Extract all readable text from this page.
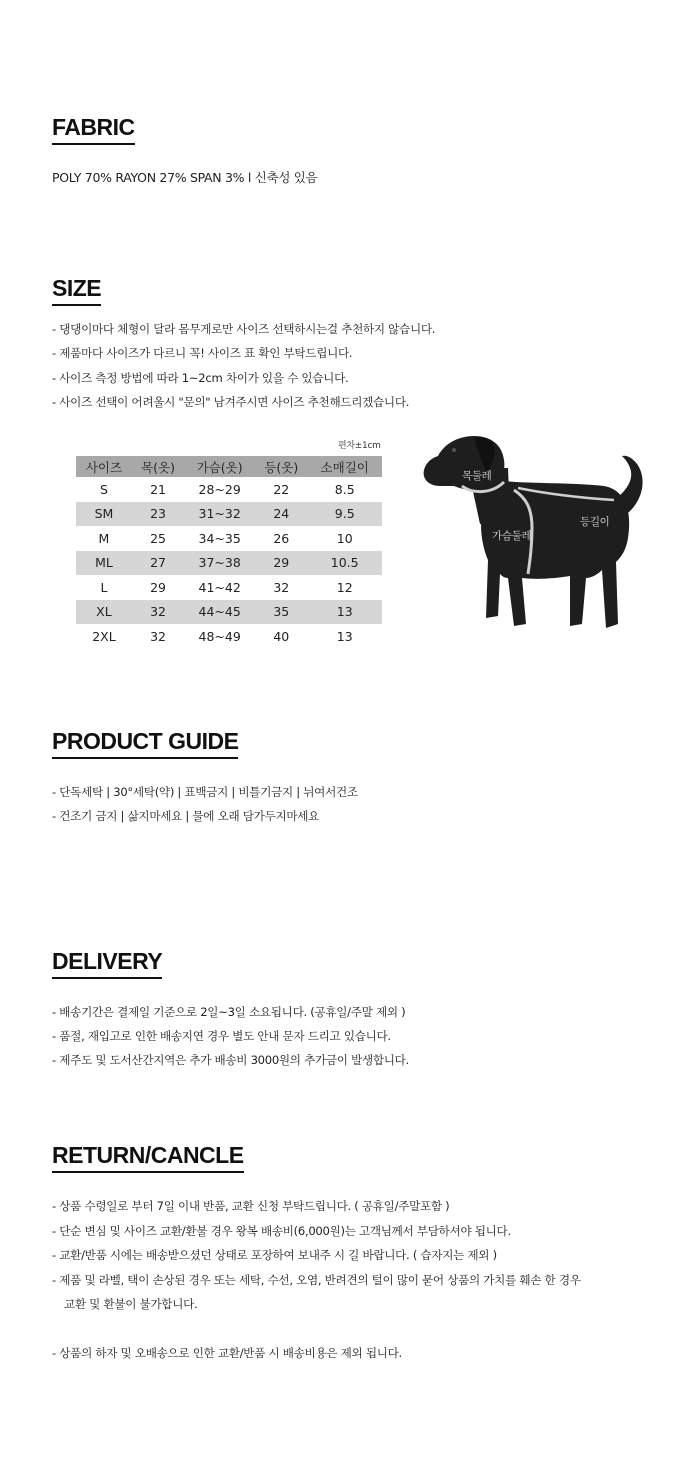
FABRIC

POLY 70% RAYON 27% SPAN 3% l 신축성 있음

SIZE

- 댕댕이마다 체형이 달라 몸무게로만 사이즈 선택하시는걸 추천하지 않습니다.

- 제품마다 사이즈가 다르니 꼭! 사이즈 표 확인 부탁드립니다.

- 사이즈 측정 방법에 따라 1~2cm 차이가 있을 수 있습니다.

- 사이즈 선택이 어려울시 "문의" 남겨주시면 사이즈 추천해드리겠습니다.

편차±1cm
사이즈	목(옷)	가슴(옷)	등(옷)	소매길이
S	21	28~29	22	8.5
SM	23	31~32	24	9.5
M	25	34~35	26	10
ML	27	37~38	29	10.5
L	29	41~42	32	12
XL	32	44~45	35	13
2XL	32	48~49	40	13
목둘레
가슴둘레
등길이
PRODUCT GUIDE

- 단독세탁 | 30°세탁(약) | 표백금지 | 비틀기금지 | 뉘여서건조

- 건조기 금지 | 삶지마세요 | 물에 오래 담가두지마세요

DELIVERY

- 배송기간은 결제일 기준으로 2일~3일 소요됩니다. (공휴일/주말 제외 )

- 품절, 재입고로 인한 배송지연 경우 별도 안내 문자 드리고 있습니다.

- 제주도 및 도서산간지역은 추가 배송비 3000원의 추가금이 발생합니다.

RETURN/CANCLE

- 상품 수령일로 부터 7일 이내 반품, 교환 신청 부탁드립니다. ( 공휴일/주말포함 )

- 단순 변심 및 사이즈 교환/환불 경우 왕복 배송비(6,000원)는 고객님께서 부담하셔야 됩니다.

- 교환/반품 시에는 배송받으셨던 상태로 포장하여 보내주 시 길 바랍니다. ( 습자지는 제외 )

- 제품 및 라벨, 택이 손상된 경우 또는 세탁, 수선, 오염, 반려견의 털이 많이 묻어 상품의 가치를 훼손 한 경우

교환 및 환불이 불가합니다.

- 상품의 하자 및 오배송으로 인한 교환/반품 시 배송비용은 제외 됩니다.
